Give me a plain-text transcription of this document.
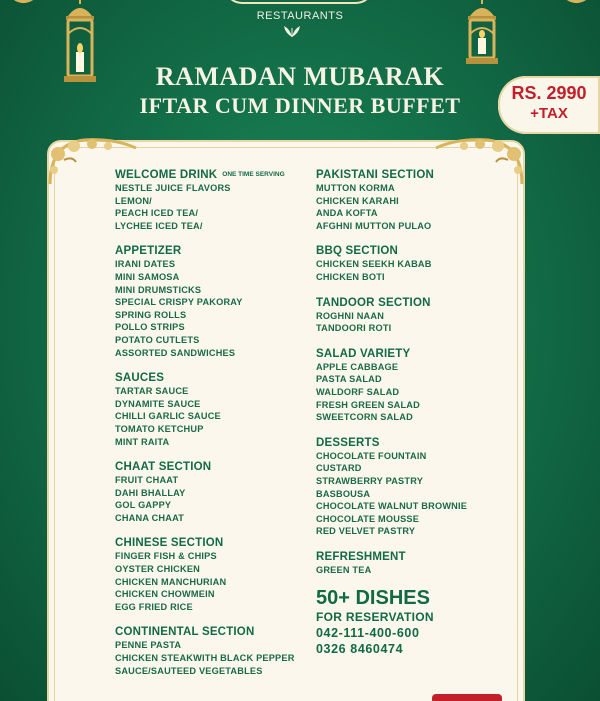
RESTAURANTS
RAMADAN MUBARAK
IFTAR CUM DINNER BUFFET	RS. 2990
+TAX
WELCOME DRINK ONE TIME SERVING
NESTLE JUICE FLAVORS
LEMON/
PEACH ICED TEA/
LYCHEE ICED TEA/
APPETIZER
IRANI DATES
MINI SAMOSA
MINI DRUMSTICKS
SPECIAL CRISPY PAKORAY
SPRING ROLLS
POLLO STRIPS
POTATO CUTLETS
ASSORTED SANDWICHES
SAUCES
TARTAR SAUCE
DYNAMITE SAUCE
CHILLI GARLIC SAUCE
TOMATO KETCHUP
MINT RAITA
CHAAT SECTION
FRUIT CHAAT
DAHI BHALLAY
GOL GAPPY
CHANA CHAAT
CHINESE SECTION
FINGER FISH & CHIPS
OYSTER CHICKEN
CHICKEN MANCHURIAN
CHICKEN CHOWMEIN
EGG FRIED RICE
CONTINENTAL SECTION
PENNE PASTA
CHICKEN STEAKWITH BLACK PEPPER
SAUCE/SAUTEED VEGETABLES
PAKISTANI SECTION
MUTTON KORMA
CHICKEN KARAHI
ANDA KOFTA
AFGHNI MUTTON PULAO
BBQ SECTION
CHICKEN SEEKH KABAB
CHICKEN BOTI
TANDOOR SECTION
ROGHNI NAAN
TANDOORI ROTI
SALAD VARIETY
APPLE CABBAGE
PASTA SALAD
WALDORF SALAD
FRESH GREEN SALAD
SWEETCORN SALAD
DESSERTS
CHOCOLATE FOUNTAIN
CUSTARD
STRAWBERRY PASTRY
BASBOUSA
CHOCOLATE WALNUT BROWNIE
CHOCOLATE MOUSSE
RED VELVET PASTRY
REFRESHMENT
GREEN TEA
50+ DISHES
FOR RESERVATION
042-111-400-600
0326 8460474
